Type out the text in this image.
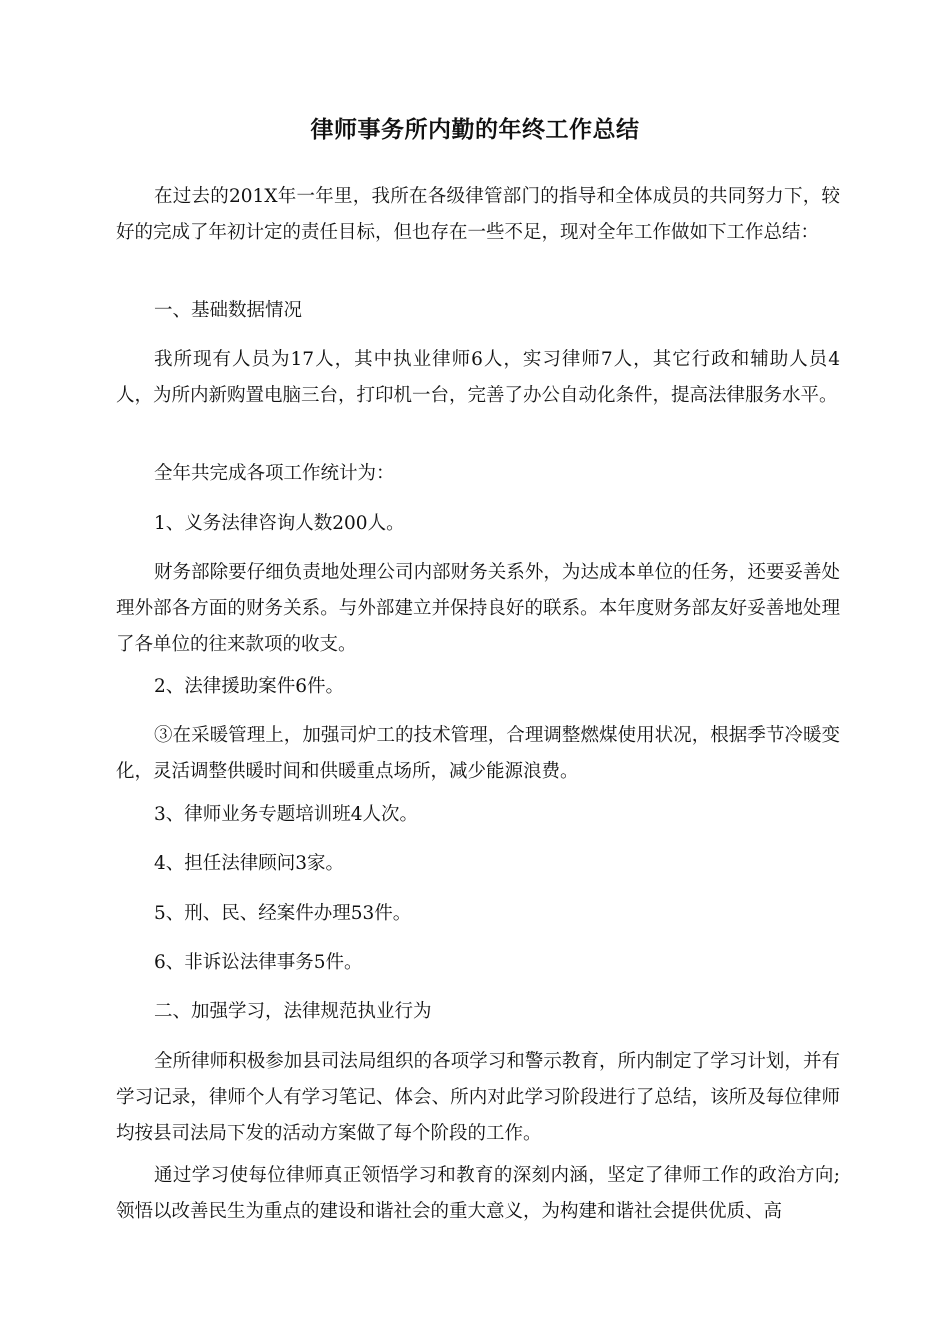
律师事务所内勤的年终工作总结

在过去的201X年一年里，我所在各级律管部门的指导和全体成员的共同努力下，较好的完成了年初计定的责任目标，但也存在一些不足，现对全年工作做如下工作总结：

一、基础数据情况

我所现有人员为17人，其中执业律师6人，实习律师7人，其它行政和辅助人员4人，为所内新购置电脑三台，打印机一台，完善了办公自动化条件，提高法律服务水平。

全年共完成各项工作统计为：

1、义务法律咨询人数200人。

财务部除要仔细负责地处理公司内部财务关系外，为达成本单位的任务，还要妥善处理外部各方面的财务关系。与外部建立并保持良好的联系。本年度财务部友好妥善地处理了各单位的往来款项的收支。

2、法律援助案件6件。

③在采暖管理上，加强司炉工的技术管理，合理调整燃煤使用状况，根据季节冷暖变化，灵活调整供暖时间和供暖重点场所，减少能源浪费。

3、律师业务专题培训班4人次。

4、担任法律顾问3家。

5、刑、民、经案件办理53件。

6、非诉讼法律事务5件。

二、加强学习，法律规范执业行为

全所律师积极参加县司法局组织的各项学习和警示教育，所内制定了学习计划，并有学习记录，律师个人有学习笔记、体会、所内对此学习阶段进行了总结，该所及每位律师均按县司法局下发的活动方案做了每个阶段的工作。

通过学习使每位律师真正领悟学习和教育的深刻内涵，坚定了律师工作的政治方向;领悟以改善民生为重点的建设和谐社会的重大意义，为构建和谐社会提供优质、高
